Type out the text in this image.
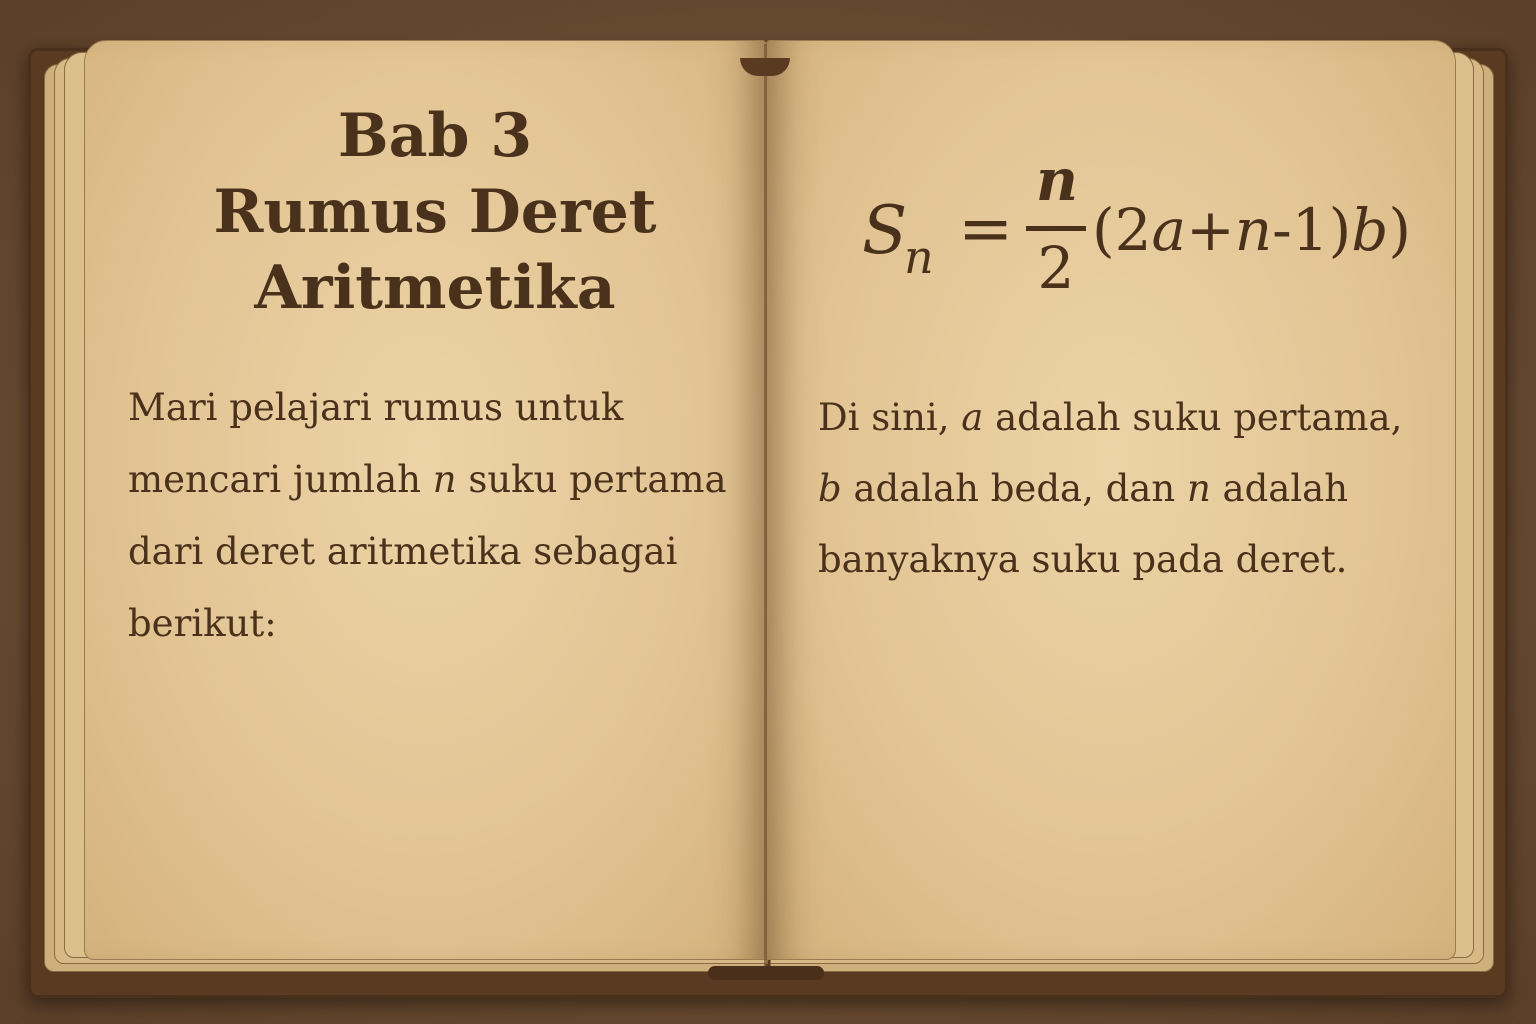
Bab 3
Rumus Deret
Aritmetika

Mari pelajari rumus untuk mencari jumlah n suku pertama dari deret aritmetika sebagai berikut:

S
n =
n
2
(2a+n-1)b)

Di sini, a adalah suku pertama, b adalah beda, dan n adalah banyaknya suku pada deret.
